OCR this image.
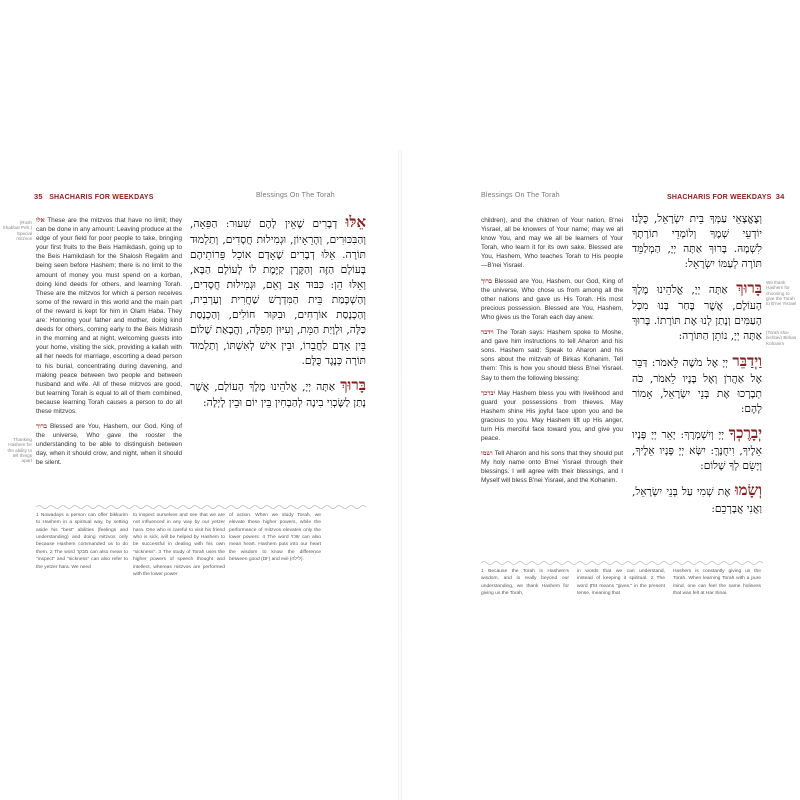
35 SHACHARIS FOR WEEKDAYS	Blessings On The Torah
(Rosh Shabbat Peh.) Special mitzvos
Thanking Hashem for the ability to tell things apart

אלו These are the mitzvos that have no limit; they can be done in any amount: Leaving produce at the edge of your field for poor people to take, bringing your first fruits to the Beis Hamikdash, going up to the Beis Hamikdash for the Shalosh Regalim and being seen before Hashem; there is no limit to the amount of money you must spend on a korban, doing kind deeds for others, and learning Torah. These are the mitzvos for which a person receives some of the reward in this world and the main part of the reward is kept for him in Olam Haba. They are: Honoring your father and mother, doing kind deeds for others, coming early to the Beis Midrash in the morning and at night, welcoming guests into your home, visiting the sick, providing a kallah with all her needs for marriage, escorting a dead person to his burial, concentrating during davening, and making peace between two people and between husband and wife. All of these mitzvos are good, but learning Torah is equal to all of them combined, because learning Torah causes a person to do all these mitzvos.

ברוך Blessed are You, Hashem, our God, King of the universe, Who gave the rooster the understanding to be able to distinguish between day, when it should crow, and night, when it should be silent.

אֵלּוּ דְבָרִים שֶׁאֵין לָהֶם שִׁעוּר: הַפֵּאָה, וְהַבִּכּוּרִים, וְהָרֵאָיוֹן, וּגְמִילוּת חֲסָדִים, וְתַלְמוּד תּוֹרָה. אֵלּוּ דְבָרִים שֶׁאָדָם אוֹכֵל פֵּרוֹתֵיהֶם בָּעוֹלָם הַזֶּה וְהַקֶּרֶן קַיֶּמֶת לוֹ לָעוֹלָם הַבָּא, וְאֵלּוּ הֵן: כִּבּוּד אָב וָאֵם, וּגְמִילוּת חֲסָדִים, וְהַשְׁכָּמַת בֵּית הַמִּדְרָשׁ שַׁחֲרִית וְעַרְבִית, וְהַכְנָסַת אוֹרְחִים, וּבִקּוּר חוֹלִים, וְהַכְנָסַת כַּלָּה, וּלְוָיַת הַמֵּת, וְעִיּוּן תְּפִלָּה, וַהֲבָאַת שָׁלוֹם בֵּין אָדָם לַחֲבֵרוֹ, וּבֵין אִישׁ לְאִשְׁתּוֹ, וְתַלְמוּד תּוֹרָה כְּנֶגֶד כֻּלָּם.

בָּרוּךְ אַתָּה יְיָ, אֱלֹהֵינוּ מֶלֶךְ הָעוֹלָם, אֲשֶׁר נָתַן לַשֶּׂכְוִי בִינָה לְהַבְחִין בֵּין יוֹם וּבֵין לָיְלָה:

1 Nowadays a person can offer bikkurim to Hashem in a spiritual way, by setting aside his "best" abilities (feelings and understanding) and doing mitzvos only because Hashem commanded us to do them. 2 The word מבקר can also mean to "inspect" and "sickness" can also refer to the yetzer hara. We need
to inspect ourselves and see that we are not influenced in any way by our yetzer hara. One who is careful to visit his friend who is sick, will be helped by Hashem to be successful in dealing with his own "sickness". 3 The study of Torah uses the higher powers of speech thought and intellect, whereas mitzvos are performed with the lower power
of action. When we study Torah, we elevate these higher powers, while the performance of mitzvos elevates only the lower powers. 4 The word שכוי can also mean heart. Hashem puts into our heart the wisdom to know the difference between good (יום) and evil (לילה).
Blessings On The Torah	SHACHARIS FOR WEEKDAYS 34
We thank Hashem for choosing to give the Torah to B'nei Yisrael
(Torah sha-bichtav) Birkas Kohanim

children), and the children of Your nation, B'nei Yisrael, all be knowers of Your name; may we all know You, and may we all be learners of Your Torah, who learn it for its own sake. Blessed are You, Hashem, Who teaches Torah to His people—B'nei Yisrael.

ברוך Blessed are You, Hashem, our God, King of the universe, Who chose us from among all the other nations and gave us His Torah. His most precious possession. Blessed are You, Hashem, Who gives us the Torah each day anew.

וידבר The Torah says: Hashem spoke to Moshe, and gave him instructions to tell Aharon and his sons. Hashem said: Speak to Aharon and his sons about the mitzvah of Birkas Kohanim. Tell them: This is how you should bless B'nei Yisrael. Say to them the following blessing:

יברכך May Hashem bless you with livelihood and guard your possessions from thieves. May Hashem shine His joyful face upon you and be gracious to you. May Hashem lift up His anger, turn His merciful face toward you, and give you peace.

ושמו Tell Aharon and his sons that they should put My holy name onto B'nei Yisrael through their blessings. I will agree with their blessings, and I Myself will bless B'nei Yisrael, and the Kohanim.

וְצֶאֱצָאֵי עַמְּךָ בֵּית יִשְׂרָאֵל, כֻּלָּנוּ יוֹדְעֵי שְׁמֶךָ וְלוֹמְדֵי תוֹרָתֶךָ לִשְׁמָהּ. בָּרוּךְ אַתָּה יְיָ, הַמְלַמֵּד תּוֹרָה לְעַמּוֹ יִשְׂרָאֵל:

בָּרוּךְ אַתָּה יְיָ, אֱלֹהֵינוּ מֶלֶךְ הָעוֹלָם, אֲשֶׁר בָּחַר בָּנוּ מִכָּל הָעַמִּים וְנָתַן לָנוּ אֶת תּוֹרָתוֹ. בָּרוּךְ אַתָּה יְיָ, נוֹתֵן הַתּוֹרָה:

וַיְדַבֵּר יְיָ אֶל מֹשֶׁה לֵּאמֹר: דַּבֵּר אֶל אַהֲרֹן וְאֶל בָּנָיו לֵאמֹר, כֹּה תְבָרְכוּ אֶת בְּנֵי יִשְׂרָאֵל, אָמוֹר לָהֶם:

יְבָרֶכְךָ יְיָ וְיִשְׁמְרֶךָ: יָאֵר יְיָ פָּנָיו אֵלֶיךָ, וִיחֻנֶּךָּ: יִשָּׂא יְיָ פָּנָיו אֵלֶיךָ, וְיָשֵׂם לְךָ שָׁלוֹם:

וְשָׂמוּ אֶת שְׁמִי עַל בְּנֵי יִשְׂרָאֵל, וַאֲנִי אֲבָרְכֵם:

1 Because the Torah is Hashem's wisdom, and is really beyond our understanding, we thank Hashem for giving us the Torah,
in words that we can understand, instead of keeping it spiritual. 2 The word נותן means "gives," in the present tense, meaning that
Hashem is constantly giving us the Torah. When learning Torah with a pure mind, one can feel the same holiness that was felt at Har Sinai.
